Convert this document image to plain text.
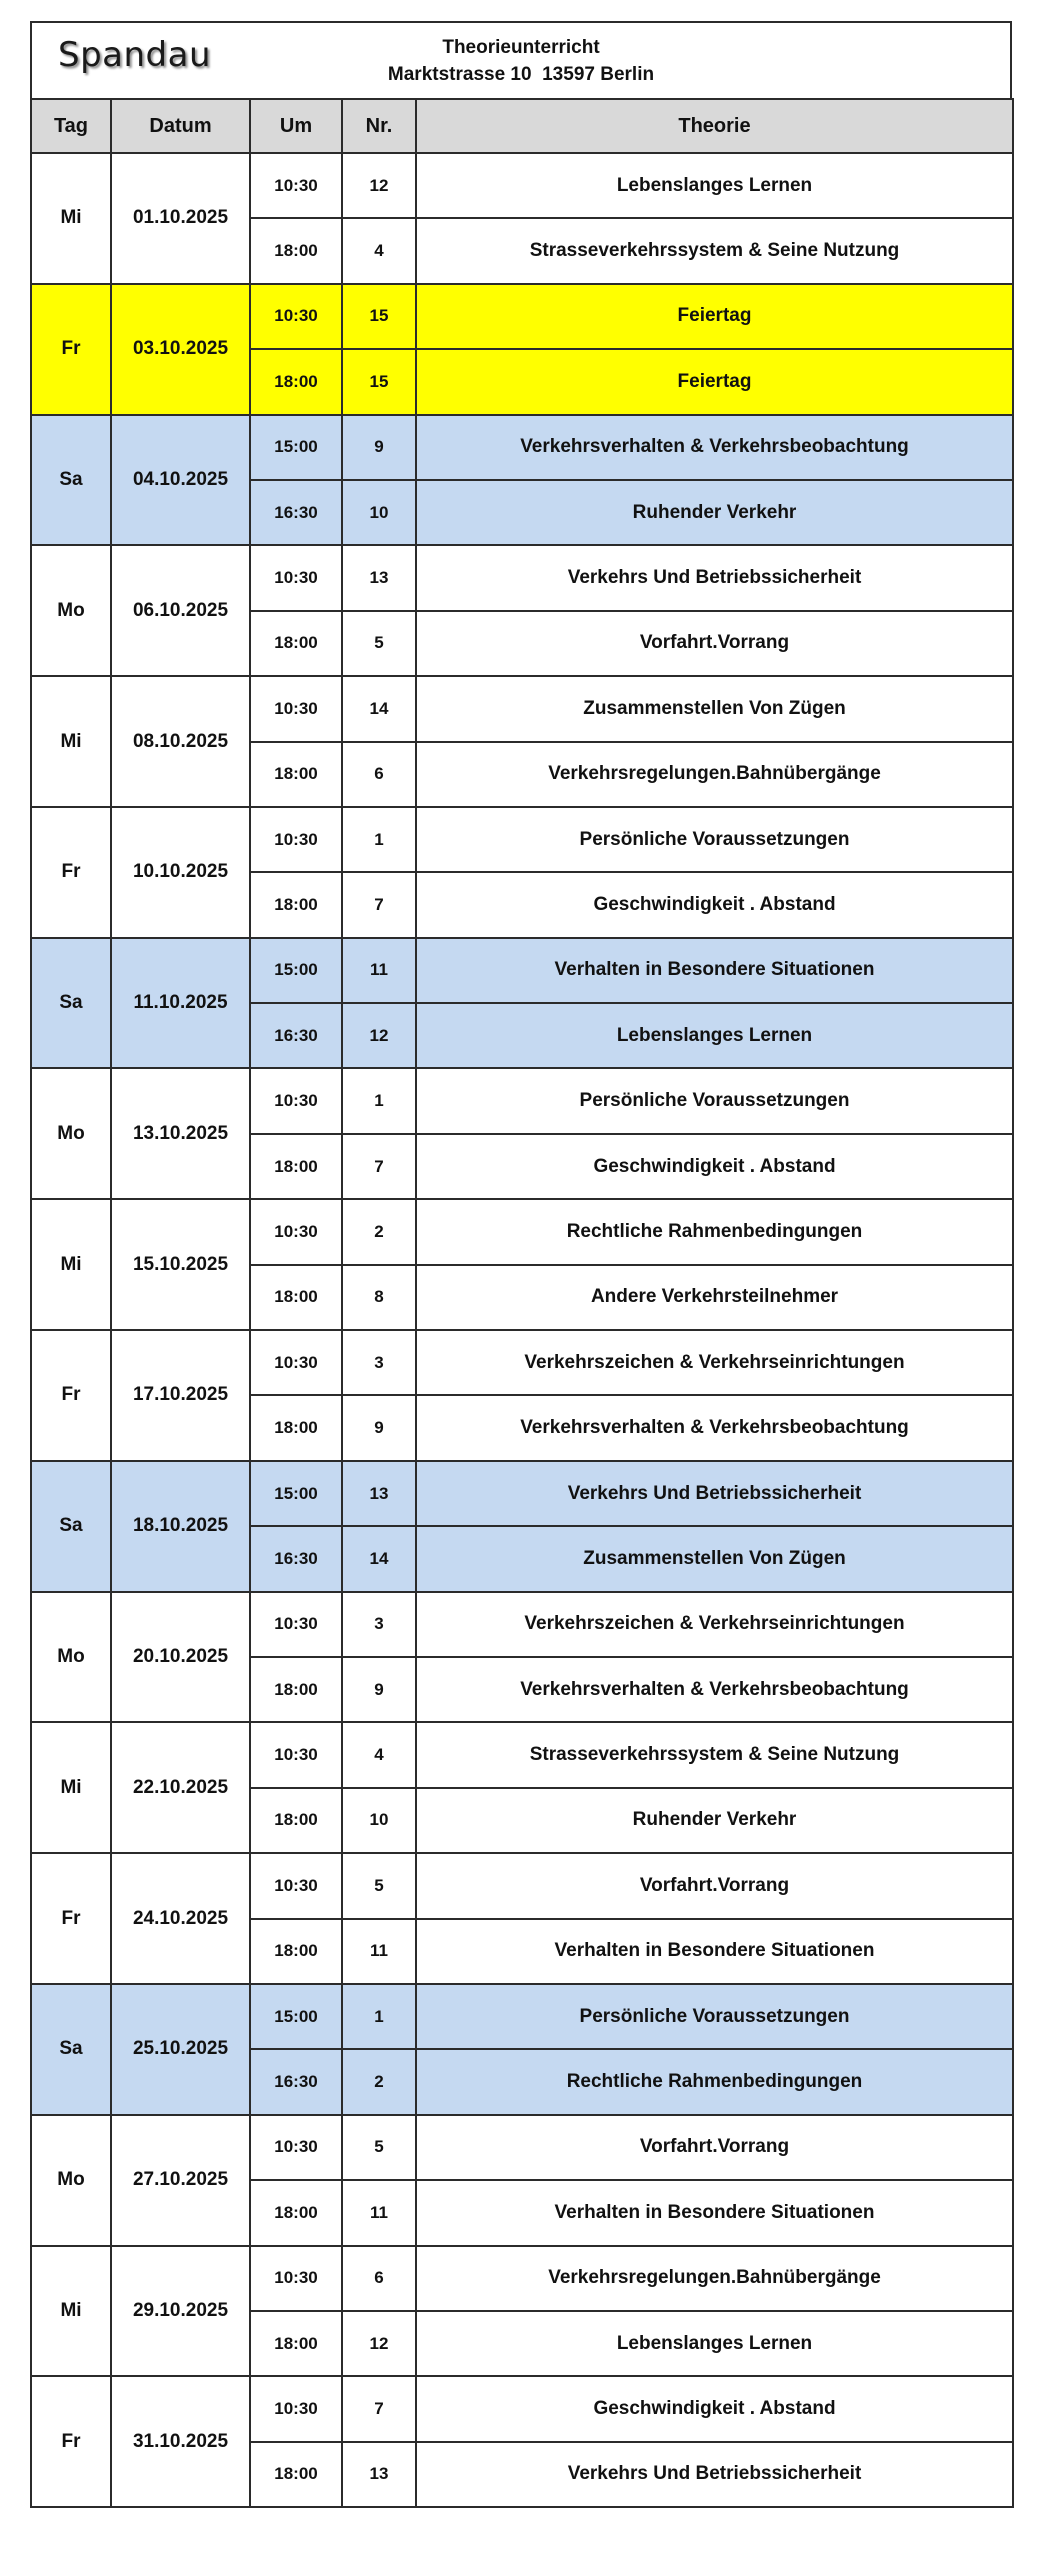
Spandau	Theorieunterricht
Marktstrasse 10  13597 Berlin
Tag	Datum	Um	Nr.	Theorie
Mi	01.10.2025	10:30	12	Lebenslanges Lernen
		18:00	4	Strasseverkehrssystem & Seine Nutzung
Fr	03.10.2025	10:30	15	Feiertag
		18:00	15	Feiertag
Sa	04.10.2025	15:00	9	Verkehrsverhalten & Verkehrsbeobachtung
		16:30	10	Ruhender Verkehr
Mo	06.10.2025	10:30	13	Verkehrs Und Betriebssicherheit
		18:00	5	Vorfahrt.Vorrang
Mi	08.10.2025	10:30	14	Zusammenstellen Von Zügen
		18:00	6	Verkehrsregelungen.Bahnübergänge
Fr	10.10.2025	10:30	1	Persönliche Voraussetzungen
		18:00	7	Geschwindigkeit . Abstand
Sa	11.10.2025	15:00	11	Verhalten in Besondere Situationen
		16:30	12	Lebenslanges Lernen
Mo	13.10.2025	10:30	1	Persönliche Voraussetzungen
		18:00	7	Geschwindigkeit . Abstand
Mi	15.10.2025	10:30	2	Rechtliche Rahmenbedingungen
		18:00	8	Andere Verkehrsteilnehmer
Fr	17.10.2025	10:30	3	Verkehrszeichen & Verkehrseinrichtungen
		18:00	9	Verkehrsverhalten & Verkehrsbeobachtung
Sa	18.10.2025	15:00	13	Verkehrs Und Betriebssicherheit
		16:30	14	Zusammenstellen Von Zügen
Mo	20.10.2025	10:30	3	Verkehrszeichen & Verkehrseinrichtungen
		18:00	9	Verkehrsverhalten & Verkehrsbeobachtung
Mi	22.10.2025	10:30	4	Strasseverkehrssystem & Seine Nutzung
		18:00	10	Ruhender Verkehr
Fr	24.10.2025	10:30	5	Vorfahrt.Vorrang
		18:00	11	Verhalten in Besondere Situationen
Sa	25.10.2025	15:00	1	Persönliche Voraussetzungen
		16:30	2	Rechtliche Rahmenbedingungen
Mo	27.10.2025	10:30	5	Vorfahrt.Vorrang
		18:00	11	Verhalten in Besondere Situationen
Mi	29.10.2025	10:30	6	Verkehrsregelungen.Bahnübergänge
		18:00	12	Lebenslanges Lernen
Fr	31.10.2025	10:30	7	Geschwindigkeit . Abstand
		18:00	13	Verkehrs Und Betriebssicherheit
